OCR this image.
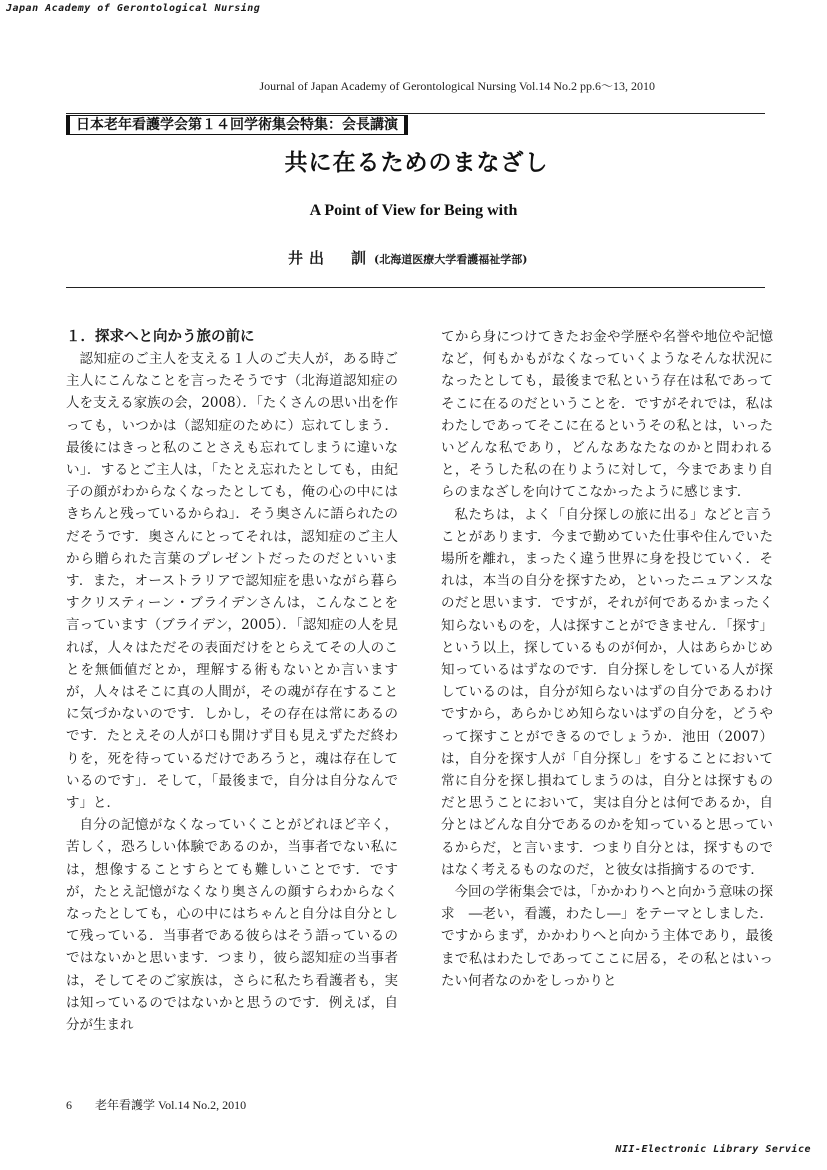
Japan Academy of Gerontological Nursing
Journal of Japan Academy of Gerontological Nursing Vol.14 No.2 pp.6～13, 2010
日本老年看護学会第１４回学術集会特集：会長講演
共に在るためのまなざし
A Point of View for Being with
井出　訓 (北海道医療大学看護福祉学部)
１．探求へと向かう旅の前に

認知症のご主人を支える１人のご夫人が，ある時ご主人にこんなことを言ったそうです（北海道認知症の人を支える家族の会，2008）．「たくさんの思い出を作っても，いつかは（認知症のために）忘れてしまう．最後にはきっと私のことさえも忘れてしまうに違いない」．するとご主人は，「たとえ忘れたとしても，由紀子の顔がわからなくなったとしても，俺の心の中にはきちんと残っているからね」．そう奥さんに語られたのだそうです．奥さんにとってそれは，認知症のご主人から贈られた言葉のプレゼントだったのだといいます．また，オーストラリアで認知症を患いながら暮らすクリスティーン・ブライデンさんは，こんなことを言っています（ブライデン，2005）．「認知症の人を見れば，人々はただその表面だけをとらえてその人のことを無価値だとか，理解する術もないとか言いますが，人々はそこに真の人間が，その魂が存在することに気づかないのです．しかし，その存在は常にあるのです．たとえその人が口も開けず目も見えずただ終わりを，死を待っているだけであろうと，魂は存在しているのです」．そして，「最後まで，自分は自分なんです」と．

自分の記憶がなくなっていくことがどれほど辛く，苦しく，恐ろしい体験であるのか，当事者でない私には，想像することすらとても難しいことです．ですが，たとえ記憶がなくなり奥さんの顔すらわからなくなったとしても，心の中にはちゃんと自分は自分として残っている．当事者である彼らはそう語っているのではないかと思います．つまり，彼ら認知症の当事者は，そしてそのご家族は，さらに私たち看護者も，実は知っているのではないかと思うのです．例えば，自分が生まれ

てから身につけてきたお金や学歴や名誉や地位や記憶など，何もかもがなくなっていくようなそんな状況になったとしても，最後まで私という存在は私であってそこに在るのだということを．ですがそれでは，私はわたしであってそこに在るというその私とは，いったいどんな私であり，どんなあなたなのかと問われると，そうした私の在りように対して，今まであまり自らのまなざしを向けてこなかったように感じます．

私たちは，よく「自分探しの旅に出る」などと言うことがあります．今まで勤めていた仕事や住んでいた場所を離れ，まったく違う世界に身を投じていく．それは，本当の自分を探すため，といったニュアンスなのだと思います．ですが，それが何であるかまったく知らないものを，人は探すことができません．「探す」という以上，探しているものが何か，人はあらかじめ知っているはずなのです．自分探しをしている人が探しているのは，自分が知らないはずの自分であるわけですから，あらかじめ知らないはずの自分を，どうやって探すことができるのでしょうか．池田（2007）は，自分を探す人が「自分探し」をすることにおいて常に自分を探し損ねてしまうのは，自分とは探すものだと思うことにおいて，実は自分とは何であるか，自分とはどんな自分であるのかを知っていると思っているからだ，と言います．つまり自分とは，探すものではなく考えるものなのだ，と彼女は指摘するのです．

今回の学術集会では，「かかわりへと向かう意味の探求　―老い，看護，わたし―」をテーマとしました．ですからまず，かかわりへと向かう主体であり，最後まで私はわたしであってここに居る，その私とはいったい何者なのかをしっかりと

6 老年看護学 Vol.14 No.2, 2010
NII-Electronic Library Service
